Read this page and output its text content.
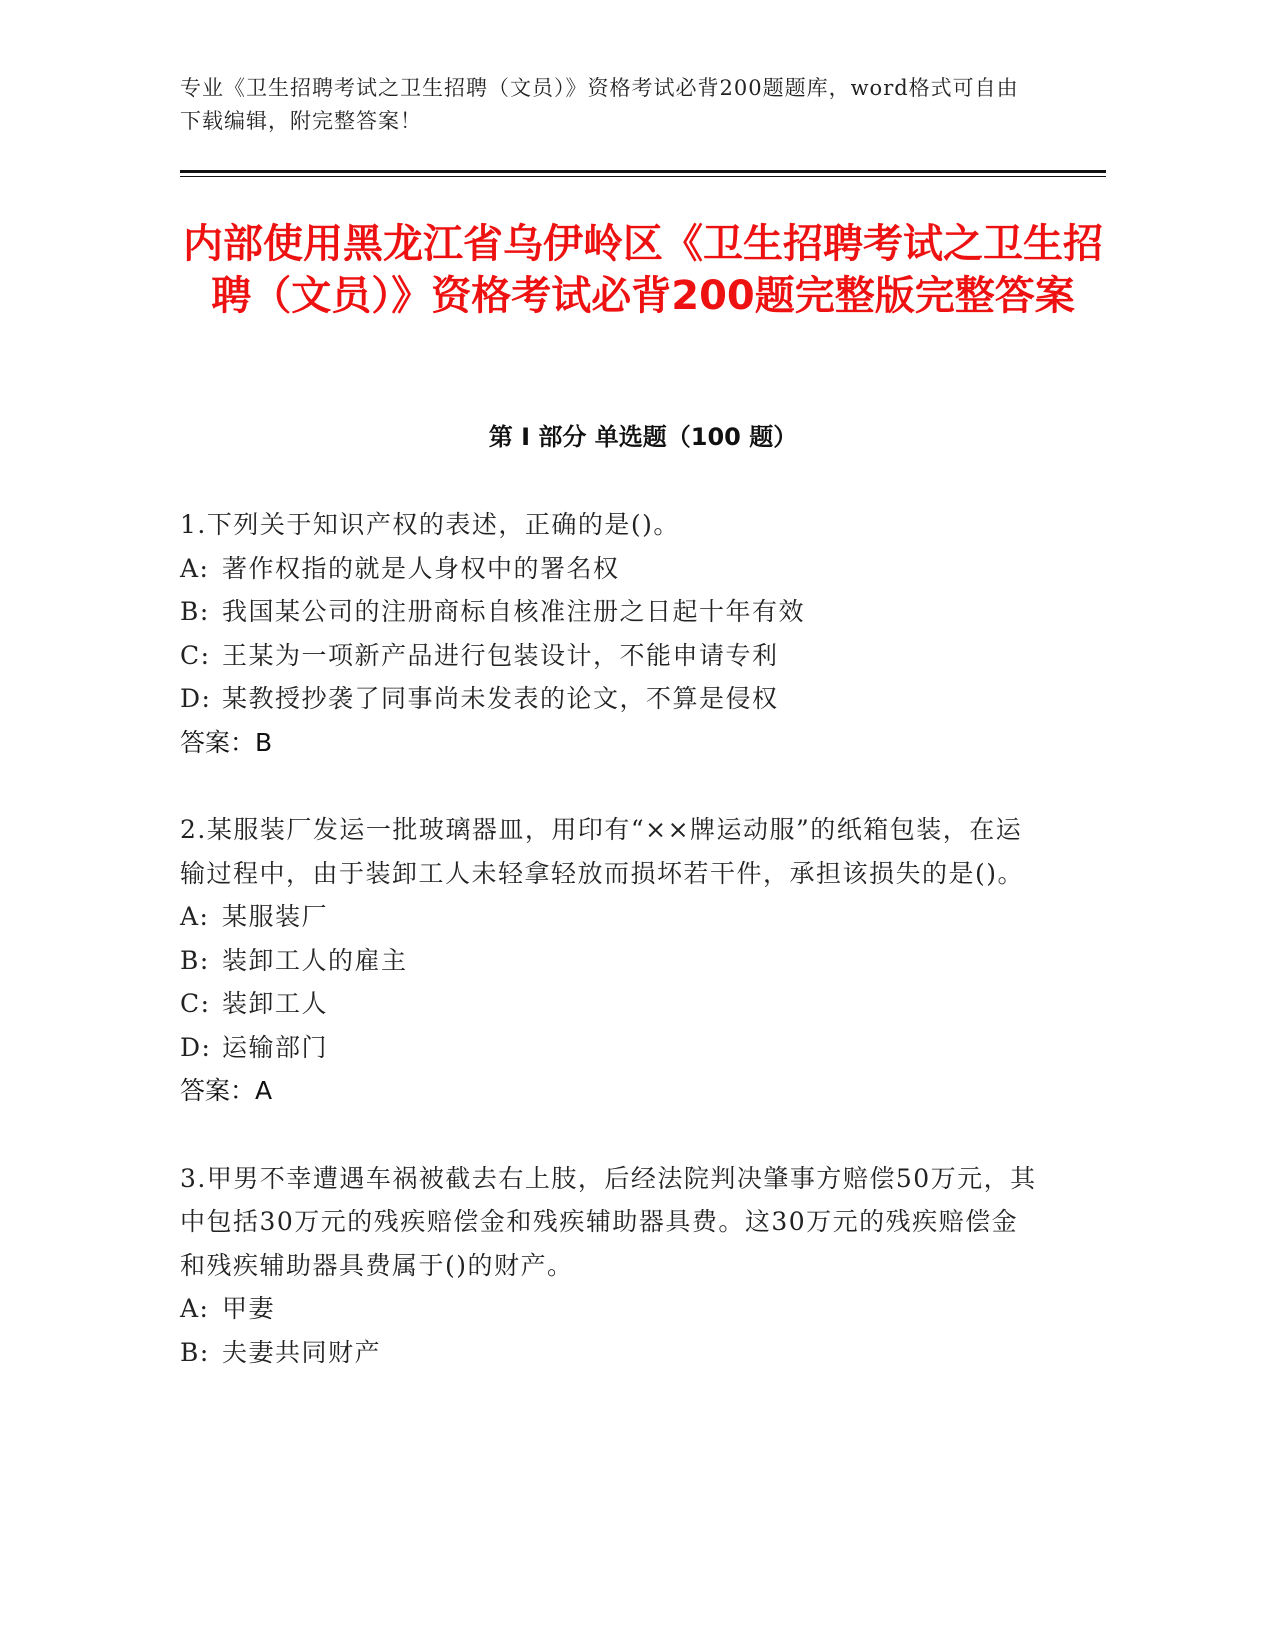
专业《卫生招聘考试之卫生招聘（文员）》资格考试必背200题题库，word格式可自由下载编辑，附完整答案！
内部使用黑龙江省乌伊岭区《卫生招聘考试之卫生招聘（文员）》资格考试必背200题完整版完整答案
第 I 部分 单选题（100 题）

1.下列关于知识产权的表述，正确的是()。

A: 著作权指的就是人身权中的署名权

B: 我国某公司的注册商标自核准注册之日起十年有效

C: 王某为一项新产品进行包装设计，不能申请专利

D: 某教授抄袭了同事尚未发表的论文，不算是侵权

答案：B

2.某服装厂发运一批玻璃器皿，用印有“××牌运动服”的纸箱包装，在运输过程中，由于装卸工人未轻拿轻放而损坏若干件，承担该损失的是()。

A: 某服装厂

B: 装卸工人的雇主

C: 装卸工人

D: 运输部门

答案：A

3.甲男不幸遭遇车祸被截去右上肢，后经法院判决肇事方赔偿50万元，其中包括30万元的残疾赔偿金和残疾辅助器具费。这30万元的残疾赔偿金和残疾辅助器具费属于()的财产。

A: 甲妻

B: 夫妻共同财产
